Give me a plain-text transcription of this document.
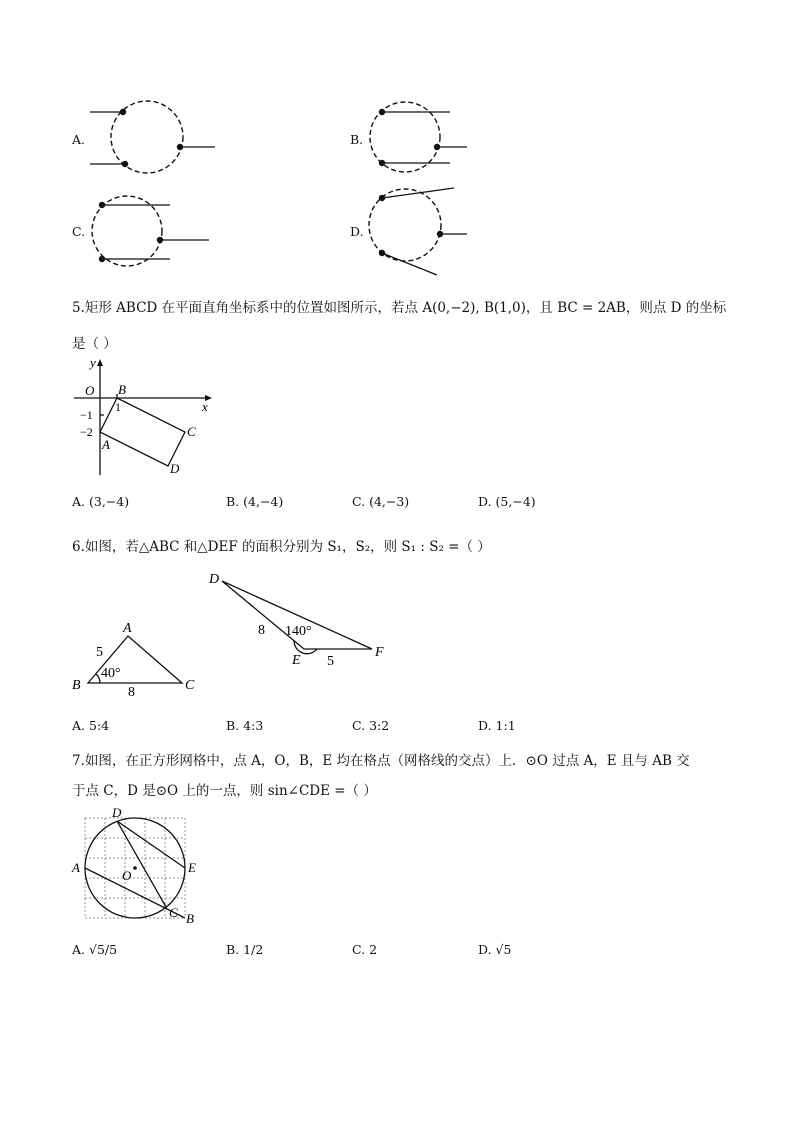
A.	B.
C.	D.
5.矩形 ABCD 在平面直角坐标系中的位置如图所示，若点 A(0,−2), B(1,0)，且 BC = 2AB，则点 D 的坐标
是（ ）
y
x
O B
1
−1
−2
A
C
D
A. (3,−4)	B. (4,−4)	C. (4,−3)	D. (5,−4)
6.如图，若△ABC 和△DEF 的面积分别为 S₁，S₂，则 S₁ : S₂ =（ ）
A
B	C
5
8
40°
D
E
F
8
5
140°
A. 5:4	B. 4:3	C. 3:2	D. 1:1
7.如图，在正方形网格中，点 A，O，B，E 均在格点（网格线的交点）上．⊙O 过点 A，E 且与 AB 交
于点 C，D 是⊙O 上的一点，则 sin∠CDE =（ ）
D
A	E
O
C B
A. √5/5	B. 1/2	C. 2	D. √5
